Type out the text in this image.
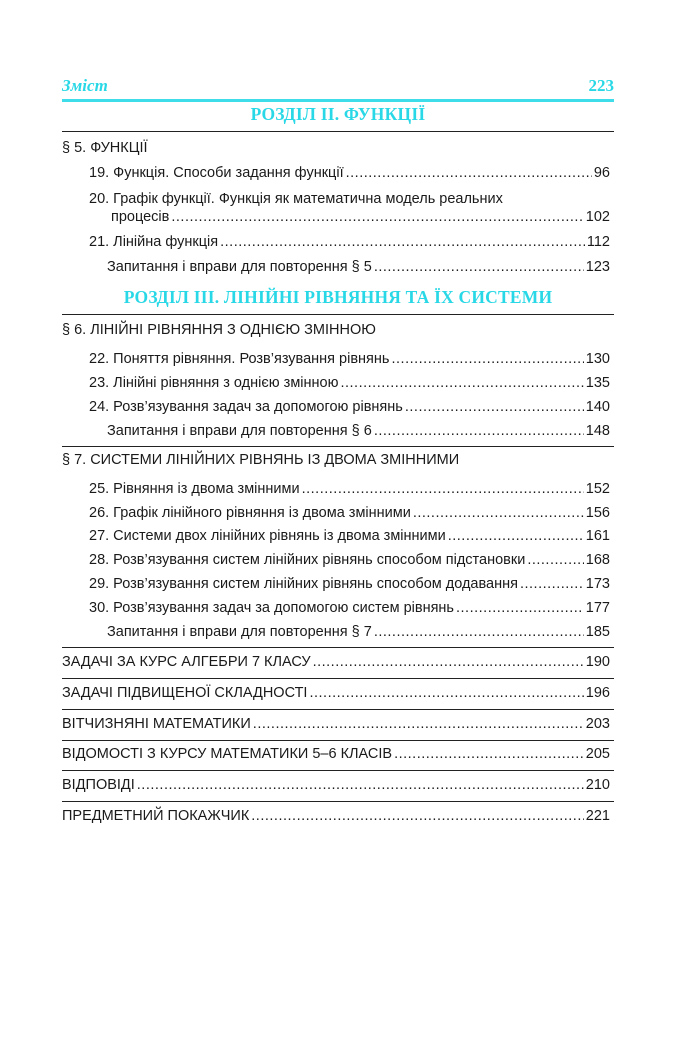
Зміст	223
РОЗДІЛ ІІ. ФУНКЦІЇ
§ 5. ФУНКЦІЇ
19. Функція. Способи задання функції .....	96
20. Графік функції. Функція як математична модель реальних
процесів .....	102
21. Лінійна функція .....	112
Запитання і вправи для повторення § 5 .....	123
РОЗДІЛ ІІІ. ЛІНІЙНІ РІВНЯННЯ ТА ЇХ СИСТЕМИ
§ 6. ЛІНІЙНІ РІВНЯННЯ З ОДНІЄЮ ЗМІННОЮ
22. Поняття рівняння. Розв’язування рівнянь .....	130
23. Лінійні рівняння з однією змінною .....	135
24. Розв’язування задач за допомогою рівнянь .....	140
Запитання і вправи для повторення § 6 .....	148
§ 7. СИСТЕМИ ЛІНІЙНИХ РІВНЯНЬ ІЗ ДВОМА ЗМІННИМИ
25. Рівняння із двома змінними .....	152
26. Графік лінійного рівняння із двома змінними .....	156
27. Системи двох лінійних рівнянь із двома змінними .....	161
28. Розв’язування систем лінійних рівнянь способом підстановки .....	168
29. Розв’язування систем лінійних рівнянь способом додавання .....	173
30. Розв’язування задач за допомогою систем рівнянь .....	177
Запитання і вправи для повторення § 7 .....	185
ЗАДАЧІ ЗА КУРС АЛГЕБРИ 7 КЛАСУ .....	190
ЗАДАЧІ ПІДВИЩЕНОЇ СКЛАДНОСТІ .....	196
ВІТЧИЗНЯНІ МАТЕМАТИКИ .....	203
ВІДОМОСТІ З КУРСУ МАТЕМАТИКИ 5–6 КЛАСІВ .....	205
ВІДПОВІДІ .....	210
ПРЕДМЕТНИЙ ПОКАЖЧИК .....	221
